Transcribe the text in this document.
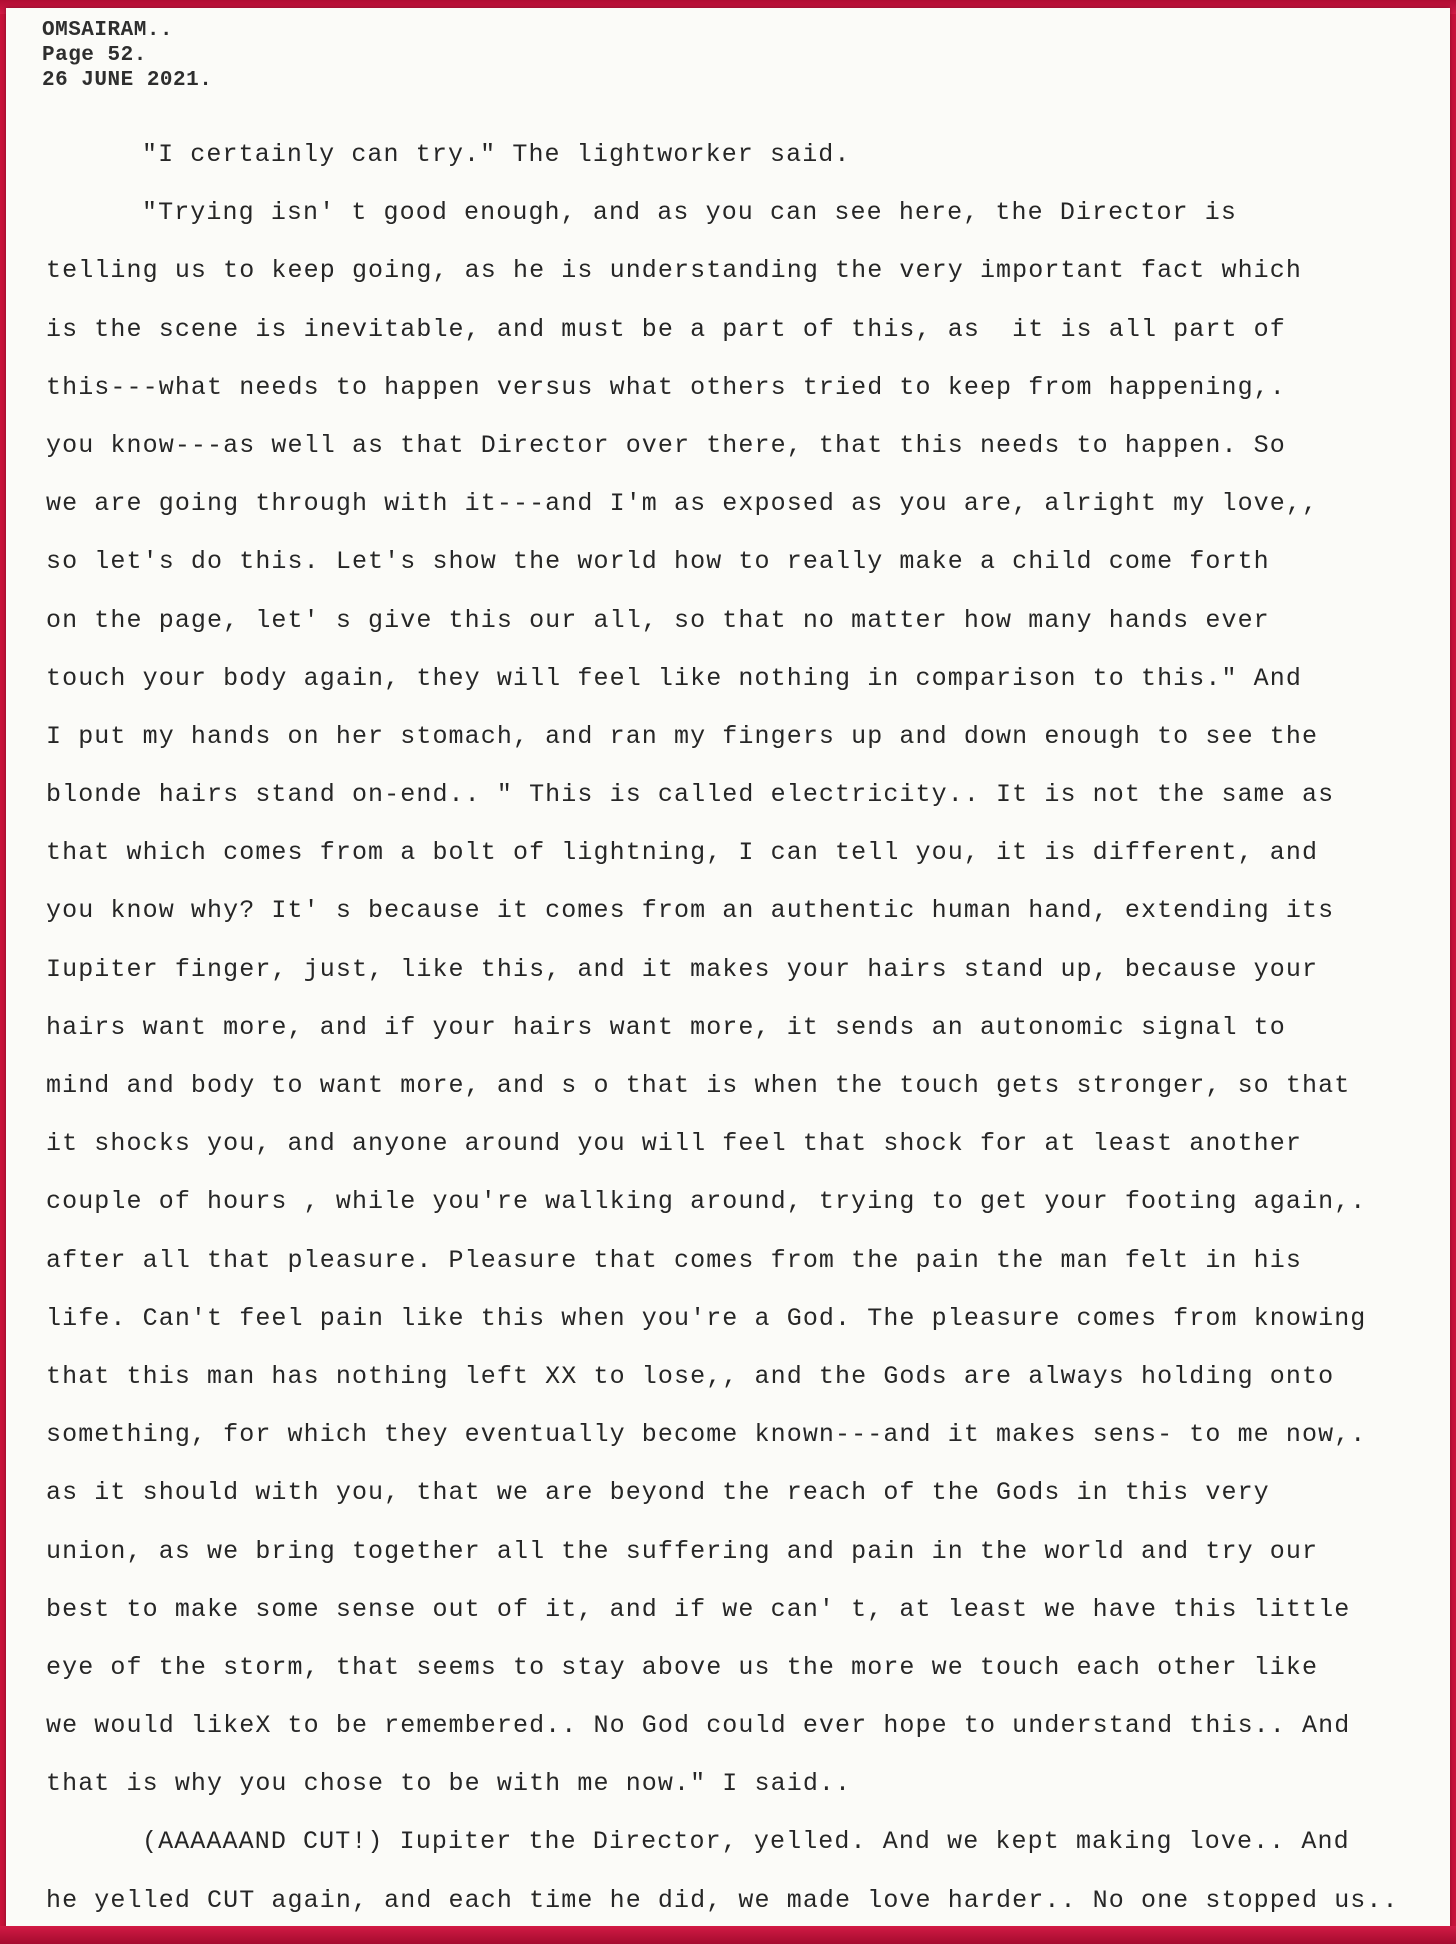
OMSAIRAM..
Page 52.
26 JUNE 2021.
"I certainly can try." The lightworker said.
"Trying isn' t good enough, and as you can see here, the Director is
telling us to keep going, as he is understanding the very important fact which
is the scene is inevitable, and must be a part of this, as  it is all part of
this---what needs to happen versus what others tried to keep from happening,.
you know---as well as that Director over there, that this needs to happen. So
we are going through with it---and I'm as exposed as you are, alright my love,,
so let's do this. Let's show the world how to really make a child come forth
on the page, let' s give this our all, so that no matter how many hands ever
touch your body again, they will feel like nothing in comparison to this." And
I put my hands on her stomach, and ran my fingers up and down enough to see the
blonde hairs stand on-end.. " This is called electricity.. It is not the same as
that which comes from a bolt of lightning, I can tell you, it is different, and
you know why? It' s because it comes from an authentic human hand, extending its
Iupiter finger, just, like this, and it makes your hairs stand up, because your
hairs want more, and if your hairs want more, it sends an autonomic signal to
mind and body to want more, and s o that is when the touch gets stronger, so that
it shocks you, and anyone around you will feel that shock for at least another
couple of hours , while you're wallking around, trying to get your footing again,.
after all that pleasure. Pleasure that comes from the pain the man felt in his
life. Can't feel pain like this when you're a God. The pleasure comes from knowing
that this man has nothing left XX to lose,, and the Gods are always holding onto
something, for which they eventually become known---and it makes sens- to me now,.
as it should with you, that we are beyond the reach of the Gods in this very
union, as we bring together all the suffering and pain in the world and try our
best to make some sense out of it, and if we can' t, at least we have this little
eye of the storm, that seems to stay above us the more we touch each other like
we would likeX to be remembered.. No God could ever hope to understand this.. And
that is why you chose to be with me now." I said..
(AAAAAAND CUT!) Iupiter the Director, yelled. And we kept making love.. And
he yelled CUT again, and each time he did, we made love harder.. No one stopped us..
